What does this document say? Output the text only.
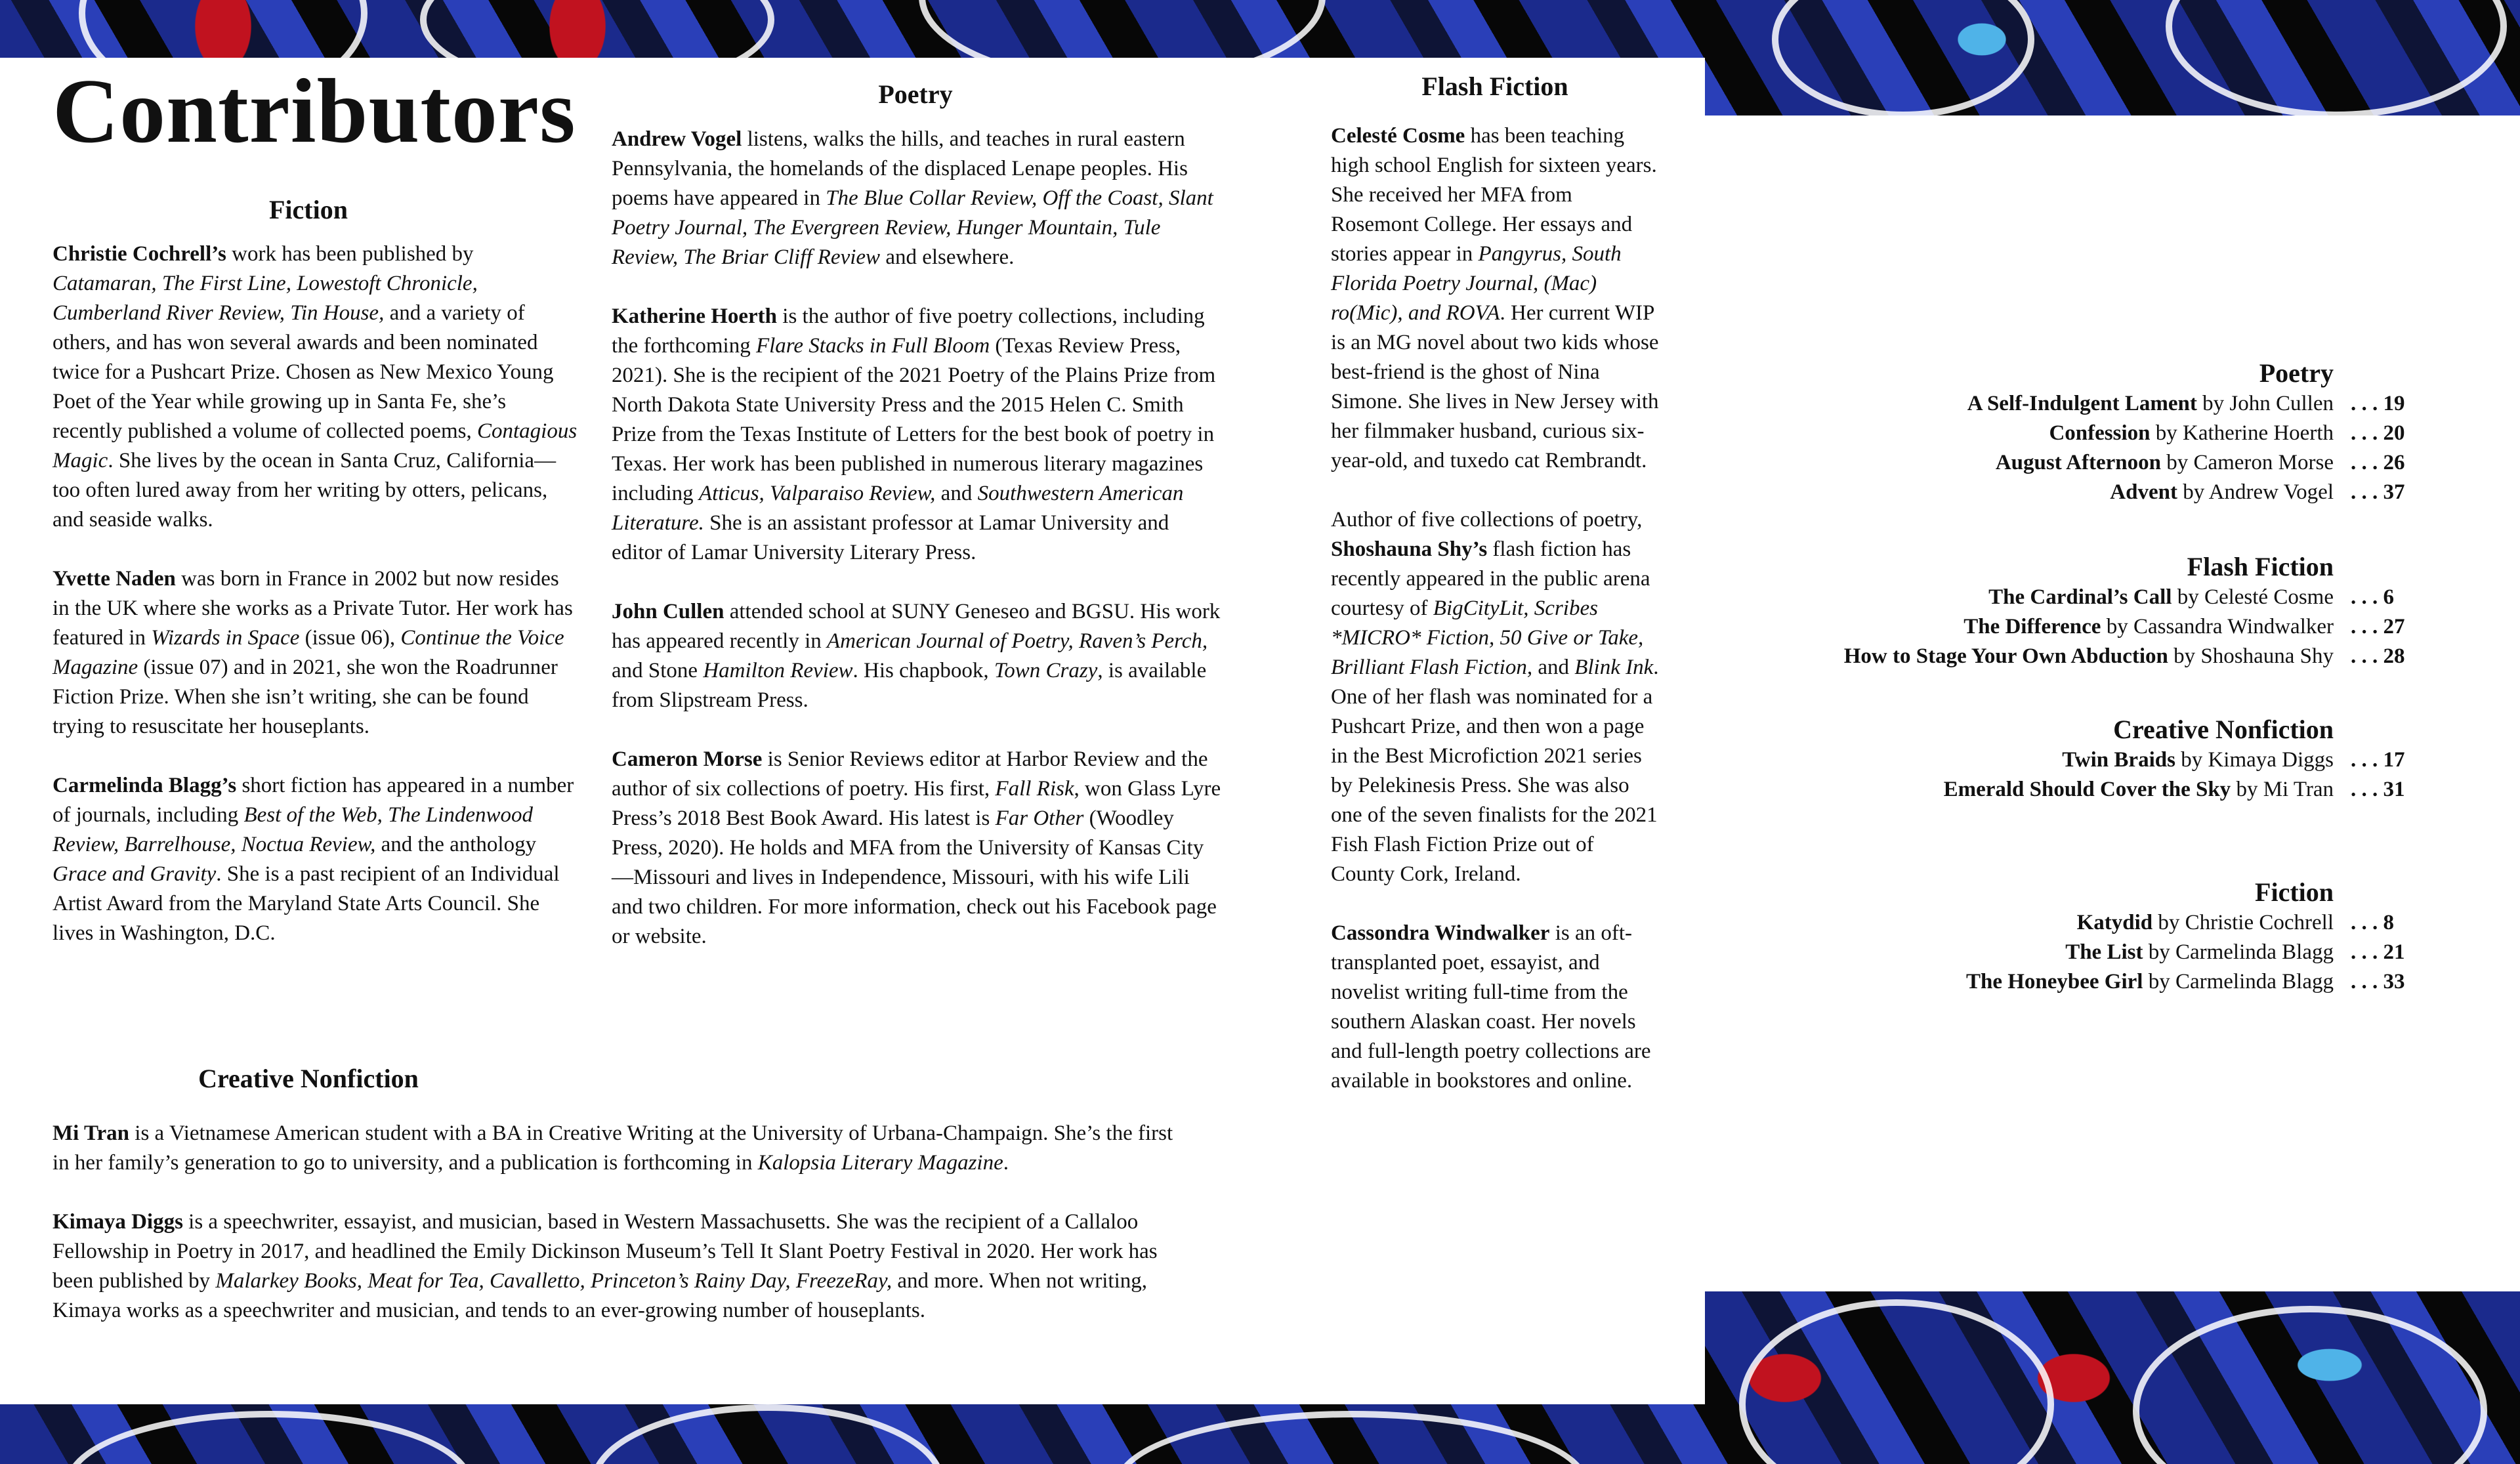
Contributors
Fiction

Christie Cochrell’s work has been published by Catamaran, The First Line, Lowestoft Chronicle, Cumberland River Review, Tin House, and a variety of others, and has won several awards and been nominated twice for a Pushcart Prize. Chosen as New Mexico Young Poet of the Year while growing up in Santa Fe, she’s recently published a volume of collected poems, Contagious Magic. She lives by the ocean in Santa Cruz, California—too often lured away from her writing by otters, pelicans, and seaside walks.

Yvette Naden was born in France in 2002 but now resides in the UK where she works as a Private Tutor. Her work has featured in Wizards in Space (issue 06), Continue the Voice Magazine (issue 07) and in 2021, she won the Roadrunner Fiction Prize. When she isn’t writing, she can be found trying to resuscitate her houseplants.

Carmelinda Blagg’s short fiction has appeared in a number of journals, including Best of the Web, The Lindenwood Review, Barrelhouse, Noctua Review, and the anthology Grace and Gravity. She is a past recipient of an Individual Artist Award from the Maryland State Arts Council. She lives in Washington, D.C.

Creative Nonfiction

Mi Tran is a Vietnamese American student with a BA in Creative Writing at the University of Urbana-Champaign. She’s the first in her family’s generation to go to university, and a publication is forthcoming in Kalopsia Literary Magazine.

Kimaya Diggs is a speechwriter, essayist, and musician, based in Western Massachusetts. She was the recipient of a Callaloo Fellowship in Poetry in 2017, and headlined the Emily Dickinson Museum’s Tell It Slant Poetry Festival in 2020. Her work has been published by Malarkey Books, Meat for Tea, Cavalletto, Princeton’s Rainy Day, FreezeRay, and more. When not writing, Kimaya works as a speechwriter and musician, and tends to an ever-growing number of houseplants.

Poetry

Andrew Vogel listens, walks the hills, and teaches in rural eastern Pennsylvania, the homelands of the displaced Lenape peoples. His poems have appeared in The Blue Collar Review, Off the Coast, Slant Poetry Journal, The Evergreen Review, Hunger Mountain, Tule Review, The Briar Cliff Review and elsewhere.

Katherine Hoerth is the author of five poetry collections, including the forthcoming Flare Stacks in Full Bloom (Texas Review Press, 2021). She is the recipient of the 2021 Poetry of the Plains Prize from North Dakota State University Press and the 2015 Helen C. Smith Prize from the Texas Institute of Letters for the best book of poetry in Texas. Her work has been published in numerous literary magazines including Atticus, Valparaiso Review, and Southwestern American Literature. She is an assistant professor at Lamar University and editor of Lamar University Literary Press.

John Cullen attended school at SUNY Geneseo and BGSU. His work has appeared recently in American Journal of Poetry, Raven’s Perch, and Stone Hamilton Review. His chapbook, Town Crazy, is available from Slipstream Press.

Cameron Morse is Senior Reviews editor at Harbor Review and the author of six collections of poetry. His first, Fall Risk, won Glass Lyre Press’s 2018 Best Book Award. His latest is Far Other (Woodley Press, 2020). He holds and MFA from the University of Kansas City—Missouri and lives in Independence, Missouri, with his wife Lili and two children. For more information, check out his Facebook page or website.

Flash Fiction

Celesté Cosme has been teaching high school English for sixteen years. She received her MFA from Rosemont College. Her essays and stories appear in Pangyrus, South Florida Poetry Journal, (Mac) ro(Mic), and ROVA. Her current WIP is an MG novel about two kids whose best-friend is the ghost of Nina Simone. She lives in New Jersey with her filmmaker husband, curious six-year-old, and tuxedo cat Rembrandt.

Author of five collections of poetry, Shoshauna Shy’s flash fiction has recently appeared in the public arena courtesy of BigCityLit, Scribes *MICRO* Fiction, 50 Give or Take, Brilliant Flash Fiction, and Blink Ink. One of her flash was nominated for a Pushcart Prize, and then won a page in the Best Microfiction 2021 series by Pelekinesis Press. She was also one of the seven finalists for the 2021 Fish Flash Fiction Prize out of County Cork, Ireland.

Cassondra Windwalker is an oft-transplanted poet, essayist, and novelist writing full-time from the southern Alaskan coast. Her novels and full-length poetry collections are available in bookstores and online.

Poetry
A Self-Indulgent Lament by John Cullen . . . 19
Confession by Katherine Hoerth . . . 20
August Afternoon by Cameron Morse . . . 26
Advent by Andrew Vogel . . . 37
Flash Fiction
The Cardinal’s Call by Celesté Cosme . . . 6
The Difference by Cassandra Windwalker . . . 27
How to Stage Your Own Abduction by Shoshauna Shy . . . 28
Creative Nonfiction
Twin Braids by Kimaya Diggs . . . 17
Emerald Should Cover the Sky by Mi Tran . . . 31
Fiction
Katydid by Christie Cochrell . . . 8
The List by Carmelinda Blagg . . . 21
The Honeybee Girl by Carmelinda Blagg . . . 33
